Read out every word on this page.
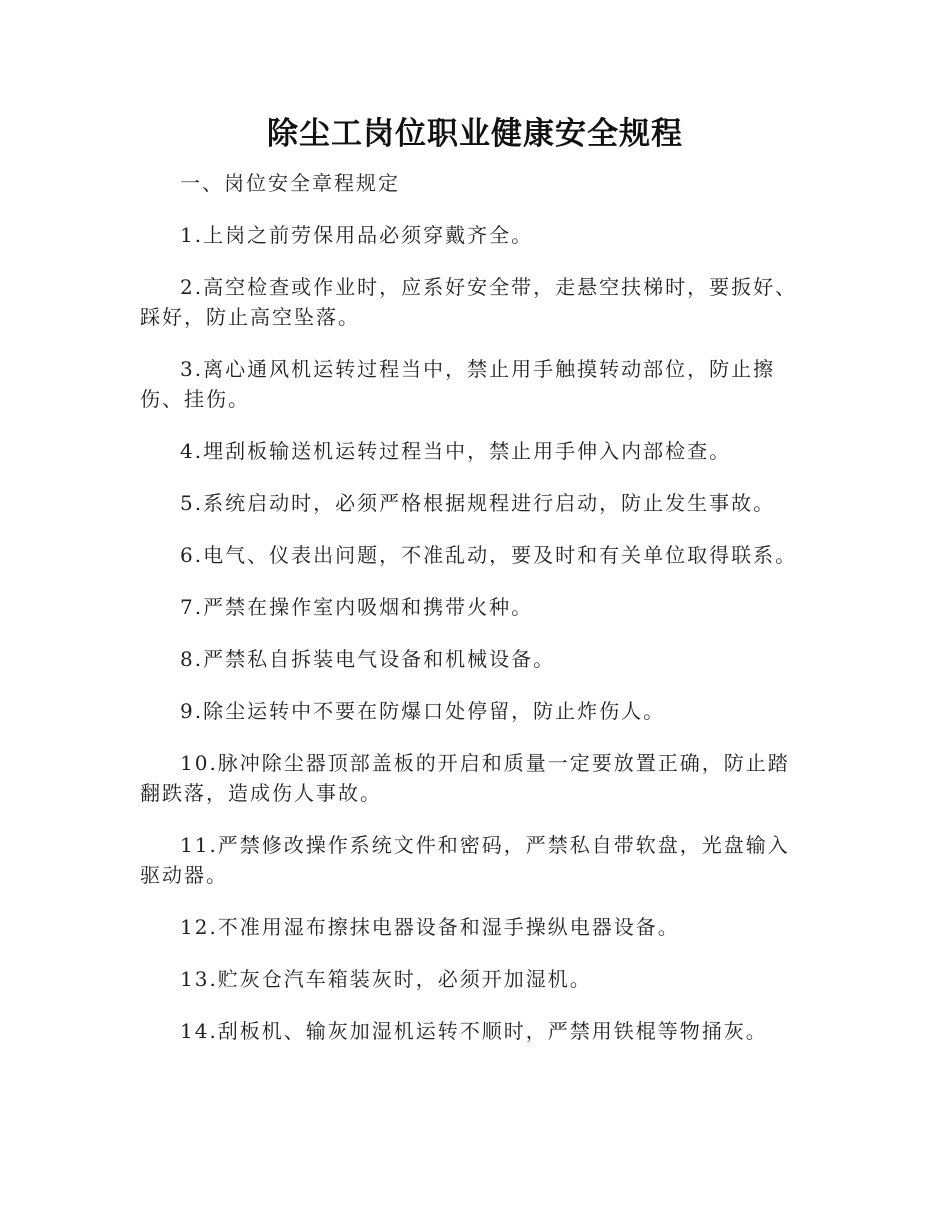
除尘工岗位职业健康安全规程

一、岗位安全章程规定

1.上岗之前劳保用品必须穿戴齐全。

2.高空检查或作业时，应系好安全带，走悬空扶梯时，要扳好、踩好，防止高空坠落。

3.离心通风机运转过程当中，禁止用手触摸转动部位，防止擦伤、挂伤。

4.埋刮板输送机运转过程当中，禁止用手伸入内部检查。

5.系统启动时，必须严格根据规程进行启动，防止发生事故。

6.电气、仪表出问题，不准乱动，要及时和有关单位取得联系。

7.严禁在操作室内吸烟和携带火种。

8.严禁私自拆装电气设备和机械设备。

9.除尘运转中不要在防爆口处停留，防止炸伤人。

10.脉冲除尘器顶部盖板的开启和质量一定要放置正确，防止踏翻跌落，造成伤人事故。

11.严禁修改操作系统文件和密码，严禁私自带软盘，光盘输入驱动器。

12.不准用湿布擦抹电器设备和湿手操纵电器设备。

13.贮灰仓汽车箱装灰时，必须开加湿机。

14.刮板机、输灰加湿机运转不顺时，严禁用铁棍等物捅灰。
